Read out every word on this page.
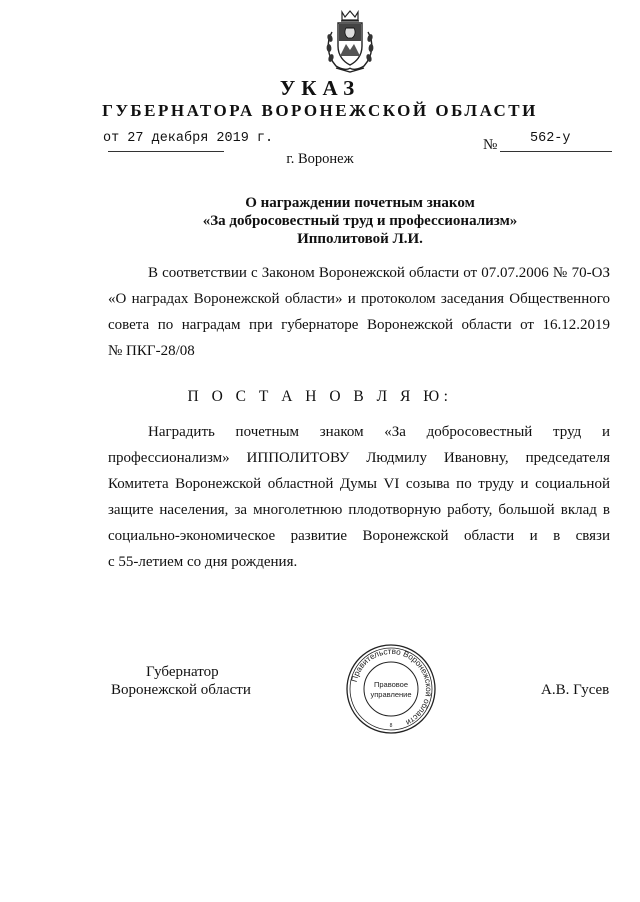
УКАЗ
ГУБЕРНАТОРА ВОРОНЕЖСКОЙ ОБЛАСТИ
от 27 декабря 2019 г.	№ 562-у
г. Воронеж
О награждении почетным знаком
«За добросовестный труд и профессионализм»
Ипполитовой Л.И.
В соответствии с Законом Воронежской области от 07.07.2006 № 70-ОЗ
«О наградах Воронежской области» и протоколом заседания Общественного
совета по наградам при губернаторе Воронежской области от 16.12.2019
№ ПКГ-28/08
П О С Т А Н О В Л Я Ю:
Наградить почетным знаком «За добросовестный труд и
профессионализм» ИППОЛИТОВУ Людмилу Ивановну, председателя
Комитета Воронежской областной Думы VI созыва по труду и социальной
защите населения, за многолетнюю плодотворную работу, большой вклад в
социально-экономическое развитие Воронежской области и в связи
с 55-летием со дня рождения.
Губернатор
Воронежской области	А.В. Гусев
Правительство Воронежской области
Правовое
управление
8
